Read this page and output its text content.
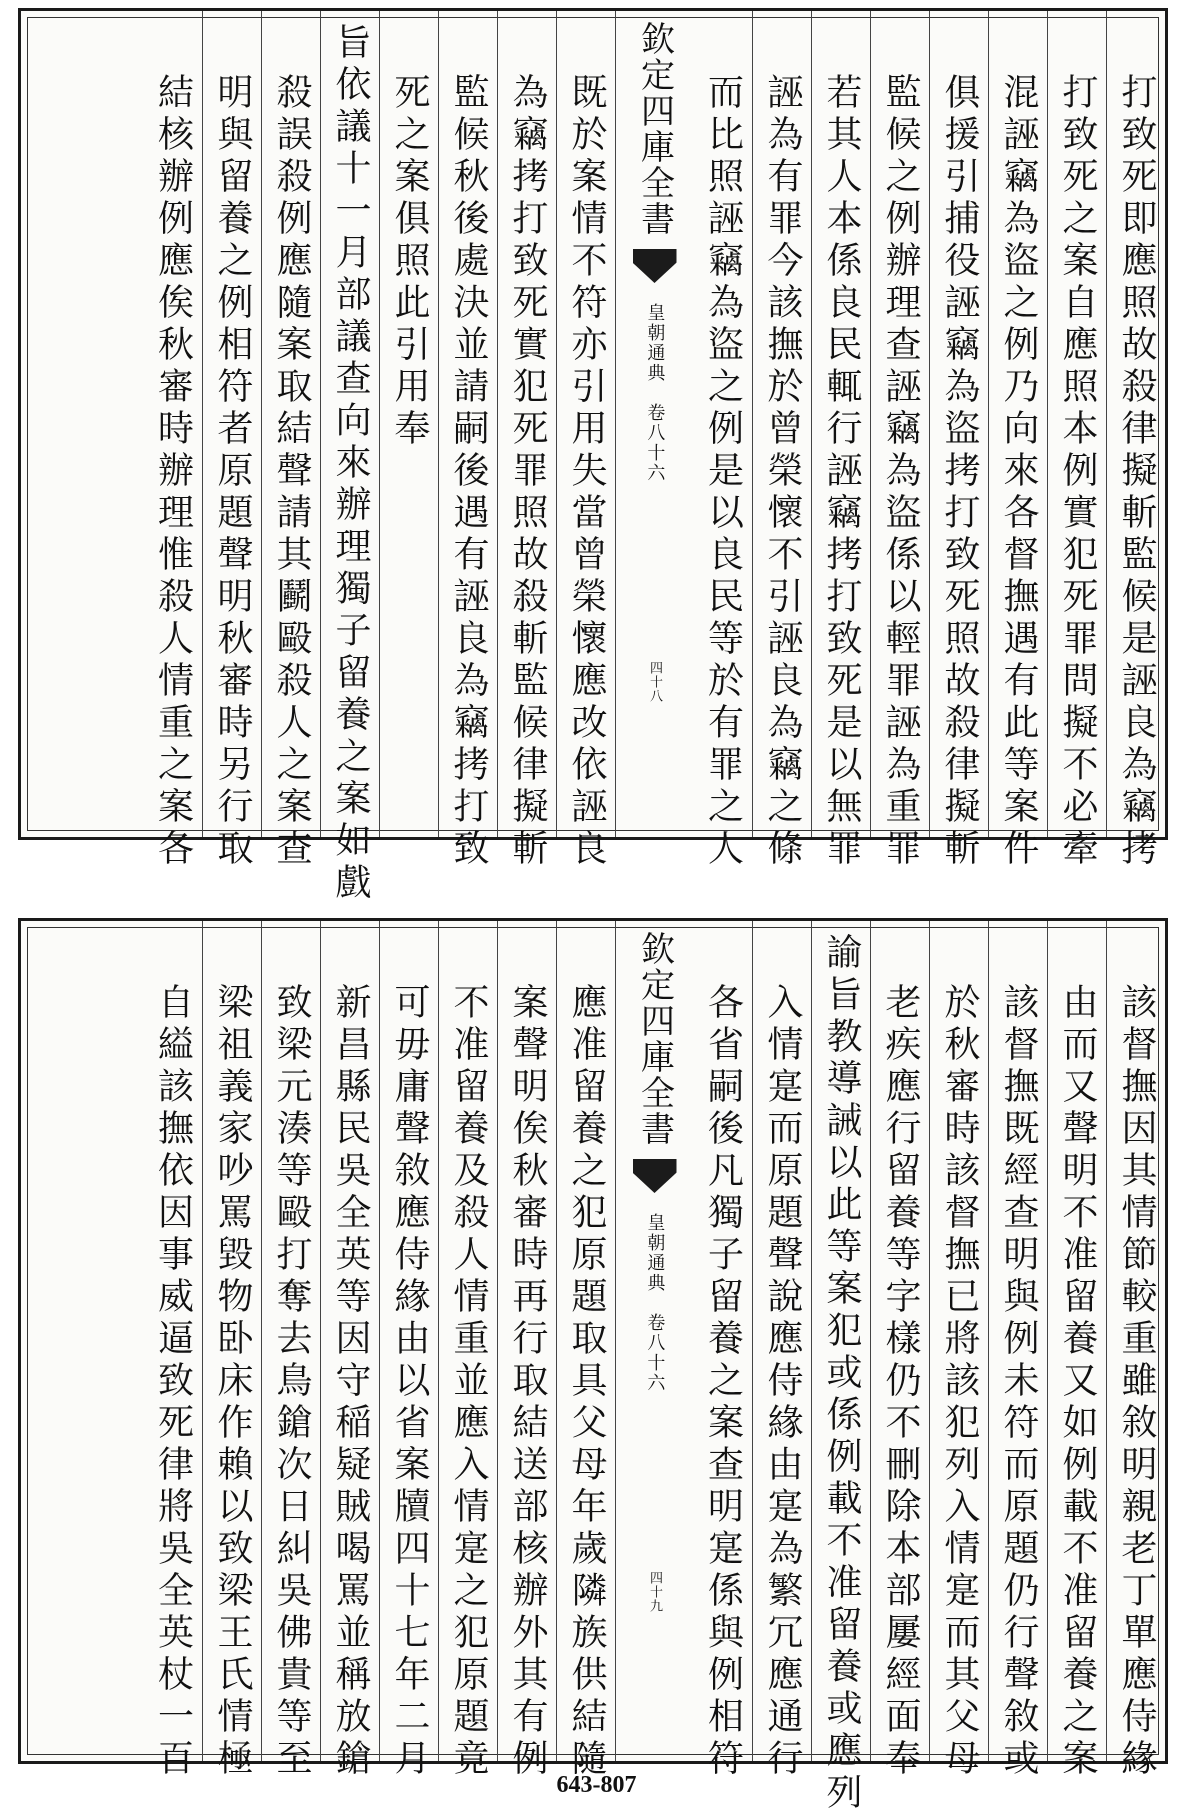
打致死即應照故殺律擬斬監候是誣良為竊拷
打致死之案自應照本例實犯死罪問擬不必牽
混誣竊為盜之例乃向來各督撫遇有此等案件
俱援引捕役誣竊為盜拷打致死照故殺律擬斬
監候之例辦理查誣竊為盜係以輕罪誣為重罪
若其人本係良民輒行誣竊拷打致死是以無罪
誣為有罪今該撫於曾榮懷不引誣良為竊之條
而比照誣竊為盜之例是以良民等於有罪之人
欽定四庫全書
皇朝通典　卷八十六
四十八
既於案情不符亦引用失當曾榮懷應改依誣良
為竊拷打致死實犯死罪照故殺斬監候律擬斬
監候秋後處決並請嗣後遇有誣良為竊拷打致
死之案俱照此引用奉
旨依議十一月部議查向來辦理獨子留養之案如戲
殺誤殺例應隨案取結聲請其鬬毆殺人之案查
明與留養之例相符者原題聲明秋審時另行取
結核辦例應俟秋審時辦理惟殺人情重之案各
該督撫因其情節較重雖敘明親老丁單應侍緣
由而又聲明不准留養又如例載不准留養之案
該督撫既經查明與例未符而原題仍行聲敘或
於秋審時該督撫已將該犯列入情寔而其父母
老疾應行留養等字樣仍不刪除本部屢經面奉
諭旨教導誡以此等案犯或係例載不准留養或應列
入情寔而原題聲說應侍緣由寔為繁冗應通行
各省嗣後凡獨子留養之案查明寔係與例相符
欽定四庫全書
皇朝通典　卷八十六
四十九
應准留養之犯原題取具父母年歲隣族供結隨
案聲明俟秋審時再行取結送部核辦外其有例
不准留養及殺人情重並應入情寔之犯原題竟
可毋庸聲敘應侍緣由以省案牘四十七年二月
新昌縣民吳全英等因守稲疑賊喝罵並稱放鎗
致梁元湊等毆打奪去鳥鎗次日糾吳佛貴等至
梁祖義家吵罵毀物卧床作賴以致梁王氏情極
自縊該撫依因事威逼致死律將吳全英杖一百
643-807
